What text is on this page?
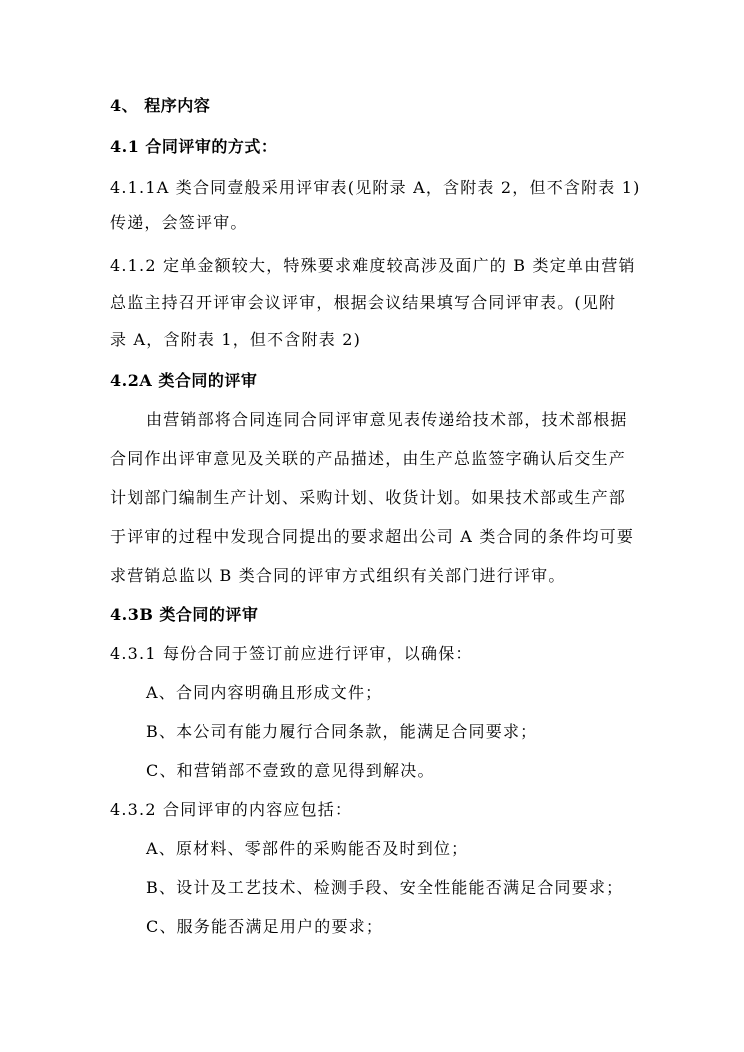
4、 程序内容
4.1 合同评审的方式：
4.1.1A 类合同壹般采用评审表(见附录 A，含附表 2，但不含附表 1)
传递，会签评审。
4.1.2 定单金额较大，特殊要求难度较高涉及面广的 B 类定单由营销
总监主持召开评审会议评审，根据会议结果填写合同评审表。(见附
录 A，含附表 1，但不含附表 2)
4.2A 类合同的评审
由营销部将合同连同合同评审意见表传递给技术部，技术部根据
合同作出评审意见及关联的产品描述，由生产总监签字确认后交生产
计划部门编制生产计划、采购计划、收货计划。如果技术部或生产部
于评审的过程中发现合同提出的要求超出公司 A 类合同的条件均可要
求营销总监以 B 类合同的评审方式组织有关部门进行评审。
4.3B 类合同的评审
4.3.1 每份合同于签订前应进行评审，以确保：
A、合同内容明确且形成文件；
B、本公司有能力履行合同条款，能满足合同要求；
C、和营销部不壹致的意见得到解决。
4.3.2 合同评审的内容应包括：
A、原材料、零部件的采购能否及时到位；
B、设计及工艺技术、检测手段、安全性能能否满足合同要求；
C、服务能否满足用户的要求；
